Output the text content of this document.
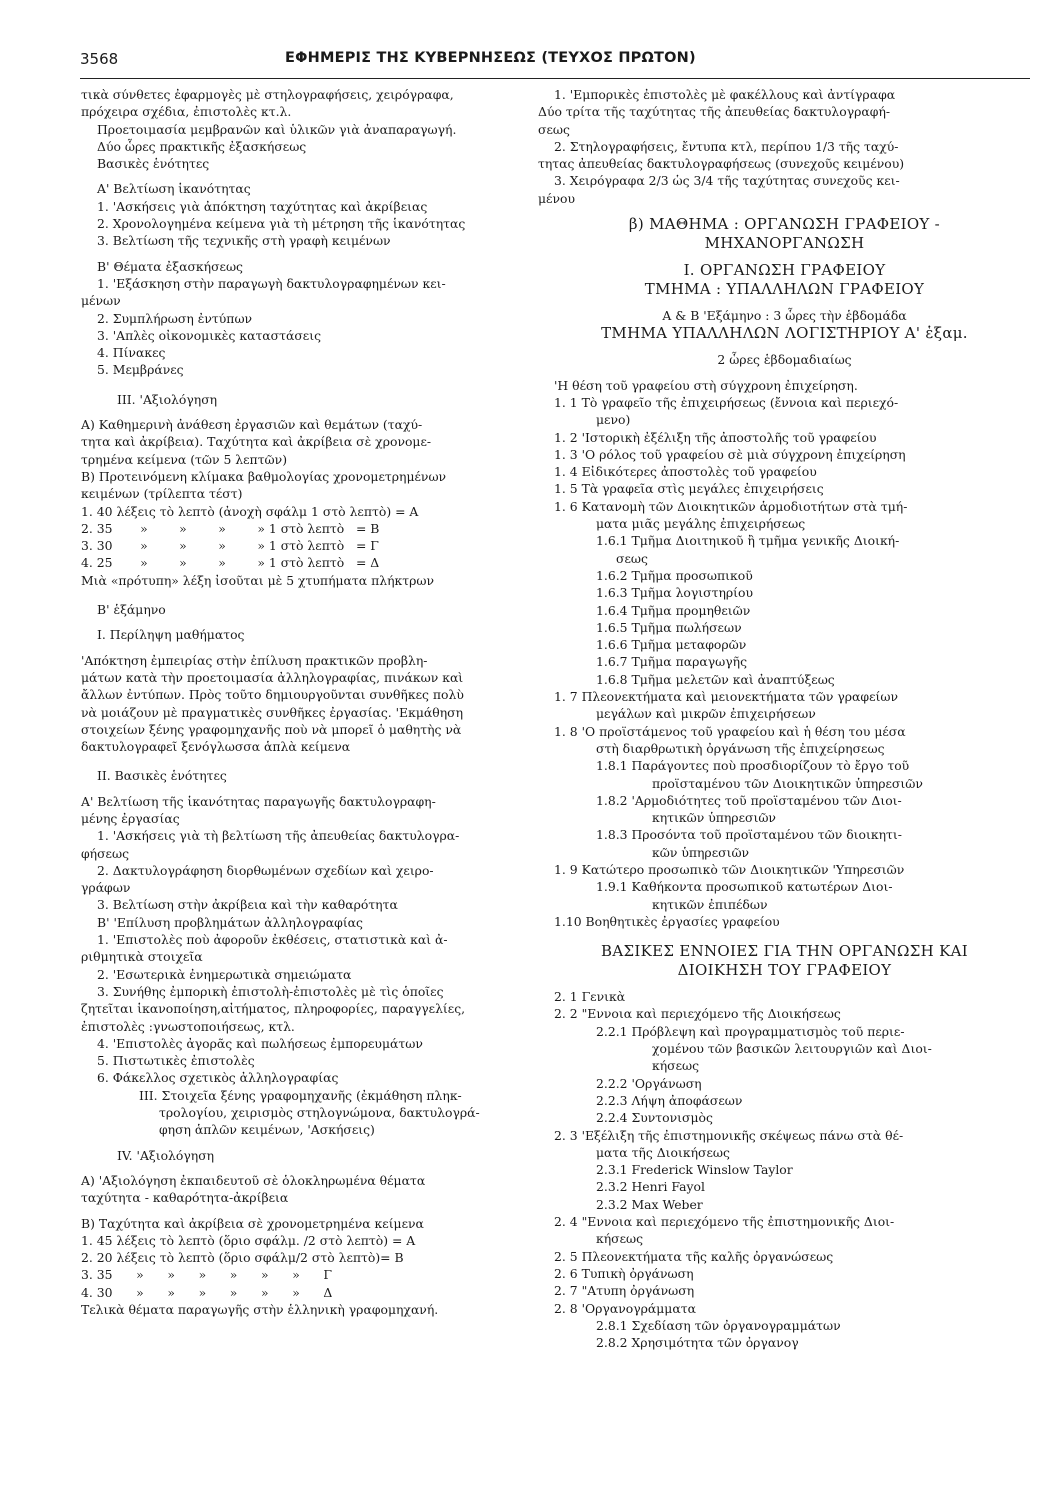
3568	ΕΦΗΜΕΡΙΣ ΤΗΣ ΚΥΒΕΡΝΗΣΕΩΣ (ΤΕΥΧΟΣ ΠΡΩΤΟΝ)

τικὰ σύνθετες ἐφαρμογὲς μὲ στηλογραφήσεις, χειρόγραφα,

πρόχειρα σχέδια, ἐπιστολὲς κτ.λ.

Προετοιμασία μεμβρανῶν καὶ ὑλικῶν γιὰ ἀναπαραγωγή.

Δύο ὧρες πρακτικῆς ἐξασκήσεως

Βασικὲς ἑνότητες

Α' Βελτίωση ἱκανότητας

1. 'Ασκήσεις γιὰ ἀπόκτηση ταχύτητας καὶ ἀκρίβειας

2. Χρονολογημένα κείμενα γιὰ τὴ μέτρηση τῆς ἱκανότητας

3. Βελτίωση τῆς τεχνικῆς στὴ γραφὴ κειμένων

Β' Θέματα ἐξασκήσεως

1. 'Εξάσκηση στὴν παραγωγὴ δακτυλογραφημένων κει-

μένων

2. Συμπλήρωση ἐντύπων

3. 'Απλὲς οἰκονομικὲς καταστάσεις

4. Πίνακες

5. Μεμβράνες

ΙΙΙ. 'Αξιολόγηση

Α) Καθημερινὴ ἀνάθεση ἐργασιῶν καὶ θεμάτων (ταχύ-

τητα καὶ ἀκρίβεια). Ταχύτητα καὶ ἀκρίβεια σὲ χρονομε-

τρημένα κείμενα (τῶν 5 λεπτῶν)

Β) Προτεινόμενη κλίμακα βαθμολογίας χρονομετρημένων

κειμένων (τρίλεπτα τέστ)

1. 40 λέξεις τὸ λεπτὸ (ἀνοχὴ σφάλμ 1 στὸ λεπτὸ) = Α

2. 35       »        »        »        » 1 στὸ λεπτὸ   = Β

3. 30       »        »        »        » 1 στὸ λεπτὸ   = Γ

4. 25       »        »        »        » 1 στὸ λεπτὸ   = Δ

Μιὰ «πρότυπη» λέξη ἰσοῦται μὲ 5 χτυπήματα πλήκτρων

Β' ἑξάμηνο

Ι. Περίληψη μαθήματος

'Απόκτηση ἐμπειρίας στὴν ἐπίλυση πρακτικῶν προβλη-

μάτων κατὰ τὴν προετοιμασία ἀλληλογραφίας, πινάκων καὶ

ἄλλων ἐντύπων. Πρὸς τοῦτο δημιουργοῦνται συνθῆκες πολὺ

νὰ μοιάζουν μὲ πραγματικὲς συνθῆκες ἐργασίας. 'Εκμάθηση

στοιχείων ξένης γραφομηχανῆς ποὺ νὰ μπορεῖ ὁ μαθητὴς νὰ

δακτυλογραφεῖ ξενόγλωσσα ἁπλὰ κείμενα

ΙΙ. Βασικὲς ἑνότητες

Α' Βελτίωση τῆς ἱκανότητας παραγωγῆς δακτυλογραφη-

μένης ἐργασίας

1. 'Ασκήσεις γιὰ τὴ βελτίωση τῆς ἀπευθείας δακτυλογρα-

φήσεως

2. Δακτυλογράφηση διορθωμένων σχεδίων καὶ χειρο-

γράφων

3. Βελτίωση στὴν ἀκρίβεια καὶ τὴν καθαρότητα

Β' 'Επίλυση προβλημάτων ἀλληλογραφίας

1. 'Επιστολὲς ποὺ ἀφοροῦν ἐκθέσεις, στατιστικὰ καὶ ἀ-

ριθμητικὰ στοιχεῖα

2. 'Εσωτερικὰ ἐνημερωτικὰ σημειώματα

3. Συνήθης ἐμπορικὴ ἐπιστολὴ-ἐπιστολὲς μὲ τὶς ὁποῖες

ζητεῖται ἱκανοποίηση,αἰτήματος, πληροφορίες, παραγγελίες,

ἐπιστολὲς :γνωστοποιήσεως, κτλ.

4. 'Επιστολὲς ἀγορᾶς καὶ πωλήσεως ἐμπορευμάτων

5. Πιστωτικὲς ἐπιστολὲς

6. Φάκελλος σχετικὸς ἀλληλογραφίας

ΙΙΙ. Στοιχεῖα ξένης γραφομηχανῆς (ἐκμάθηση πληκ-

τρολογίου, χειρισμὸς στηλογνώμονα, δακτυλογρά-

φηση ἁπλῶν κειμένων, 'Ασκήσεις)

ΙV. 'Αξιολόγηση

Α) 'Αξιολόγηση ἐκπαιδευτοῦ σὲ ὁλοκληρωμένα θέματα

ταχύτητα - καθαρότητα-ἀκρίβεια

Β) Ταχύτητα καὶ ἀκρίβεια σὲ χρονομετρημένα κείμενα

1. 45 λέξεις τὸ λεπτὸ (ὅριο σφάλμ. /2 στὸ λεπτὸ) = Α

2. 20 λέξεις τὸ λεπτὸ (ὅριο σφάλμ/2 στὸ λεπτὸ)= Β

3. 35      »      »      »      »      »      »      Γ

4. 30      »      »      »      »      »      »      Δ

Τελικὰ θέματα παραγωγῆς στὴν ἑλληνικὴ γραφομηχανή.

1. 'Εμπορικὲς ἐπιστολὲς μὲ φακέλλους καὶ ἀντίγραφα

Δύο τρίτα τῆς ταχύτητας τῆς ἀπευθείας δακτυλογραφή-

σεως

2. Στηλογραφήσεις, ἔντυπα κτλ, περίπου 1/3 τῆς ταχύ-

τητας ἀπευθείας δακτυλογραφήσεως (συνεχοῦς κειμένου)

3. Χειρόγραφα 2/3 ὡς 3/4 τῆς ταχύτητας συνεχοῦς κει-

μένου

β) ΜΑΘΗΜΑ : ΟΡΓΑΝΩΣΗ ΓΡΑΦΕΙΟΥ -

ΜΗΧΑΝΟΡΓΑΝΩΣΗ

Ι. ΟΡΓΑΝΩΣΗ ΓΡΑΦΕΙΟΥ

ΤΜΗΜΑ : ΥΠΑΛΛΗΛΩΝ ΓΡΑΦΕΙΟΥ

Α & Β 'Εξάμηνο : 3 ὧρες τὴν ἑβδομάδα

ΤΜΗΜΑ ΥΠΑΛΛΗΛΩΝ ΛΟΓΙΣΤΗΡΙΟΥ Α' ἑξαμ.

2 ὧρες ἑβδομαδιαίως

'Η θέση τοῦ γραφείου στὴ σύγχρονη ἐπιχείρηση.

1. 1 Τὸ γραφεῖο τῆς ἐπιχειρήσεως (ἔννοια καὶ περιεχό-

μενο)

1. 2 'Ιστορικὴ ἐξέλιξη τῆς ἀποστολῆς τοῦ γραφείου

1. 3 'Ο ρόλος τοῦ γραφείου σὲ μιὰ σύγχρονη ἐπιχείρηση

1. 4 Εἰδικότερες ἀποστολὲς τοῦ γραφείου

1. 5 Τὰ γραφεῖα στὶς μεγάλες ἐπιχειρήσεις

1. 6 Κατανομὴ τῶν Διοικητικῶν ἁρμοδιοτήτων στὰ τμή-

ματα μιᾶς μεγάλης ἐπιχειρήσεως

1.6.1 Τμῆμα Διοιτηικοῦ ἢ τμῆμα γενικῆς Διοική-

σεως

1.6.2 Τμῆμα προσωπικοῦ

1.6.3 Τμῆμα λογιστηρίου

1.6.4 Τμῆμα προμηθειῶν

1.6.5 Τμῆμα πωλήσεων

1.6.6 Τμῆμα μεταφορῶν

1.6.7 Τμῆμα παραγωγῆς

1.6.8 Τμῆμα μελετῶν καὶ ἀναπτύξεως

1. 7 Πλεονεκτήματα καὶ μειονεκτήματα τῶν γραφείων

μεγάλων καὶ μικρῶν ἐπιχειρήσεων

1. 8 'Ο προϊστάμενος τοῦ γραφείου καὶ ἡ θέση του μέσα

στὴ διαρθρωτικὴ ὀργάνωση τῆς ἐπιχείρησεως

1.8.1 Παράγοντες ποὺ προσδιορίζουν τὸ ἔργο τοῦ

προϊσταμένου τῶν Διοικητικῶν ὑπηρεσιῶν

1.8.2 'Αρμοδιότητες τοῦ προϊσταμένου τῶν Διοι-

κητικῶν ὑπηρεσιῶν

1.8.3 Προσόντα τοῦ προϊσταμένου τῶν διοικητι-

κῶν ὑπηρεσιῶν

1. 9 Κατώτερο προσωπικὸ τῶν Διοικητικῶν 'Υπηρεσιῶν

1.9.1 Καθήκοντα προσωπικοῦ κατωτέρων Διοι-

κητικῶν ἐπιπέδων

1.10 Βοηθητικὲς ἐργασίες γραφείου

ΒΑΣΙΚΕΣ ΕΝΝΟΙΕΣ ΓΙΑ ΤΗΝ ΟΡΓΑΝΩΣΗ ΚΑΙ

ΔΙΟΙΚΗΣΗ ΤΟΥ ΓΡΑΦΕΙΟΥ

2. 1 Γενικὰ

2. 2 "Εννοια καὶ περιεχόμενο τῆς Διοικήσεως

2.2.1 Πρόβλεψη καὶ προγραμματισμὸς τοῦ περιε-

χομένου τῶν βασικῶν λειτουργιῶν καὶ Διοι-

κήσεως

2.2.2 'Οργάνωση

2.2.3 Λήψη ἀποφάσεων

2.2.4 Συντονισμὸς

2. 3 'Εξέλιξη τῆς ἐπιστημονικῆς σκέψεως πάνω στὰ θέ-

ματα τῆς Διοικήσεως

2.3.1 Frederick Winslow Taylor

2.3.2 Henri Fayol

2.3.2 Max Weber

2. 4 "Εννοια καὶ περιεχόμενο τῆς ἐπιστημονικῆς Διοι-

κήσεως

2. 5 Πλεονεκτήματα τῆς καλῆς ὀργανώσεως

2. 6 Τυπικὴ ὀργάνωση

2. 7 "Ατυπη ὀργάνωση

2. 8 'Οργανογράμματα

2.8.1 Σχεδίαση τῶν ὀργανογραμμάτων

2.8.2 Χρησιμότητα τῶν ὀργανογ
